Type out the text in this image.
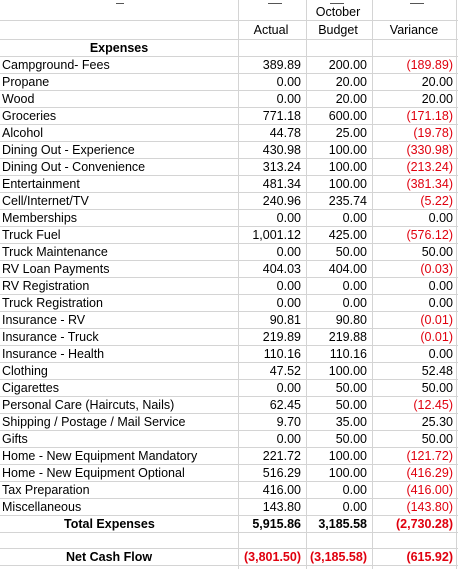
October
Actual	Budget	Variance
Expenses
Campground- Fees	389.89	200.00	(189.89)
Propane	0.00	20.00	20.00
Wood	0.00	20.00	20.00
Groceries	771.18	600.00	(171.18)
Alcohol	44.78	25.00	(19.78)
Dining Out - Experience	430.98	100.00	(330.98)
Dining Out - Convenience	313.24	100.00	(213.24)
Entertainment	481.34	100.00	(381.34)
Cell/Internet/TV	240.96	235.74	(5.22)
Memberships	0.00	0.00	0.00
Truck Fuel	1,001.12	425.00	(576.12)
Truck Maintenance	0.00	50.00	50.00
RV Loan Payments	404.03	404.00	(0.03)
RV Registration	0.00	0.00	0.00
Truck Registration	0.00	0.00	0.00
Insurance - RV	90.81	90.80	(0.01)
Insurance - Truck	219.89	219.88	(0.01)
Insurance - Health	110.16	110.16	0.00
Clothing	47.52	100.00	52.48
Cigarettes	0.00	50.00	50.00
Personal Care (Haircuts, Nails)	62.45	50.00	(12.45)
Shipping / Postage / Mail Service	9.70	35.00	25.30
Gifts	0.00	50.00	50.00
Home - New Equipment Mandatory	221.72	100.00	(121.72)
Home - New Equipment Optional	516.29	100.00	(416.29)
Tax Preparation	416.00	0.00	(416.00)
Miscellaneous	143.80	0.00	(143.80)
Total Expenses	5,915.86	3,185.58	(2,730.28)
Net Cash Flow	(3,801.50) (3,185.58)	(615.92)
